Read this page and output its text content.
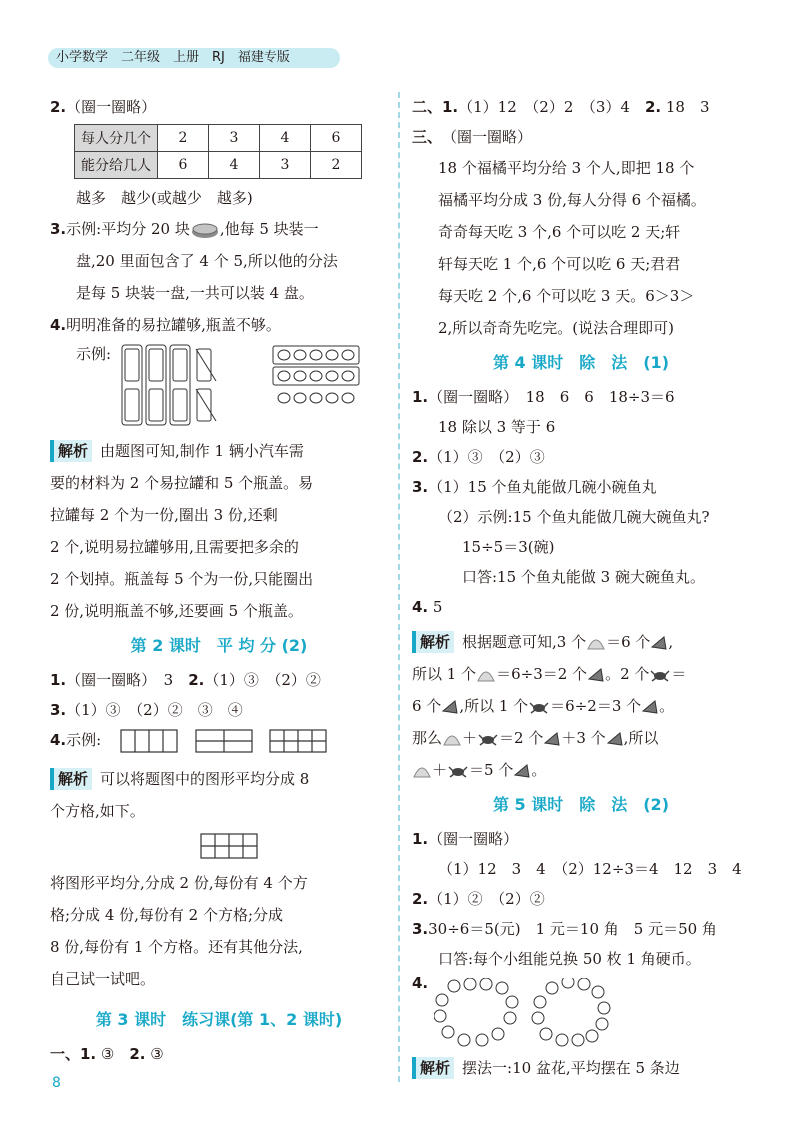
小学数学　二年级　上册　RJ　福建专版
2.（圈一圈略）
每人分几个	2	3	4	6
能分给几人	6	4	3	2
越多　越少(或越少　越多)
3.示例:平均分 20 块 ,他每 5 块装一
盘,20 里面包含了 4 个 5,所以他的分法
是每 5 块装一盘,一共可以装 4 盘。
4.明明准备的易拉罐够,瓶盖不够。
示例:
解析 由题图可知,制作 1 辆小汽车需
要的材料为 2 个易拉罐和 5 个瓶盖。易
拉罐每 2 个为一份,圈出 3 份,还剩
2 个,说明易拉罐够用,且需要把多余的
2 个划掉。瓶盖每 5 个为一份,只能圈出
2 份,说明瓶盖不够,还要画 5 个瓶盖。
第 2 课时　平 均 分 (2)
1.（圈一圈略）　3　2.（1）③　（2）②
3.（1）③　（2）②　③　④
4.示例:
解析 可以将题图中的图形平均分成 8
个方格,如下。
将图形平均分,分成 2 份,每份有 4 个方
格;分成 4 份,每份有 2 个方格;分成
8 份,每份有 1 个方格。还有其他分法,
自己试一试吧。
第 3 课时　练习课(第 1、2 课时)
一、1. ③　2. ③
二、1.（1）12　（2）2　（3）4　2. 18　3
三、（圈一圈略）
18 个福橘平均分给 3 个人,即把 18 个
福橘平均分成 3 份,每人分得 6 个福橘。
奇奇每天吃 3 个,6 个可以吃 2 天;轩
轩每天吃 1 个,6 个可以吃 6 天;君君
每天吃 2 个,6 个可以吃 3 天。6＞3＞
2,所以奇奇先吃完。(说法合理即可)
第 4 课时　除　法　(1)
1.（圈一圈略）　18　6　6　18÷3＝6
18 除以 3 等于 6
2.（1）③　（2）③
3.（1）15 个鱼丸能做几碗小碗鱼丸
（2）示例:15 个鱼丸能做几碗大碗鱼丸?
15÷5＝3(碗)
口答:15 个鱼丸能做 3 碗大碗鱼丸。
4. 5
解析 根据题意可知,3 个 ＝6 个 ,
所以 1 个 ＝6÷3＝2 个 。2 个 ＝
6 个 ,所以 1 个 ＝6÷2＝3 个 。
那么 ＋ ＝2 个 ＋3 个 ,所以
＋ ＝5 个 。
第 5 课时　除　法　(2)
1.（圈一圈略）
（1）12　3　4　（2）12÷3＝4　12　3　4
2.（1）②　（2）②
3.30÷6＝5(元)　1 元＝10 角　5 元＝50 角
口答:每个小组能兑换 50 枚 1 角硬币。
4.
解析 摆法一:10 盆花,平均摆在 5 条边
8
